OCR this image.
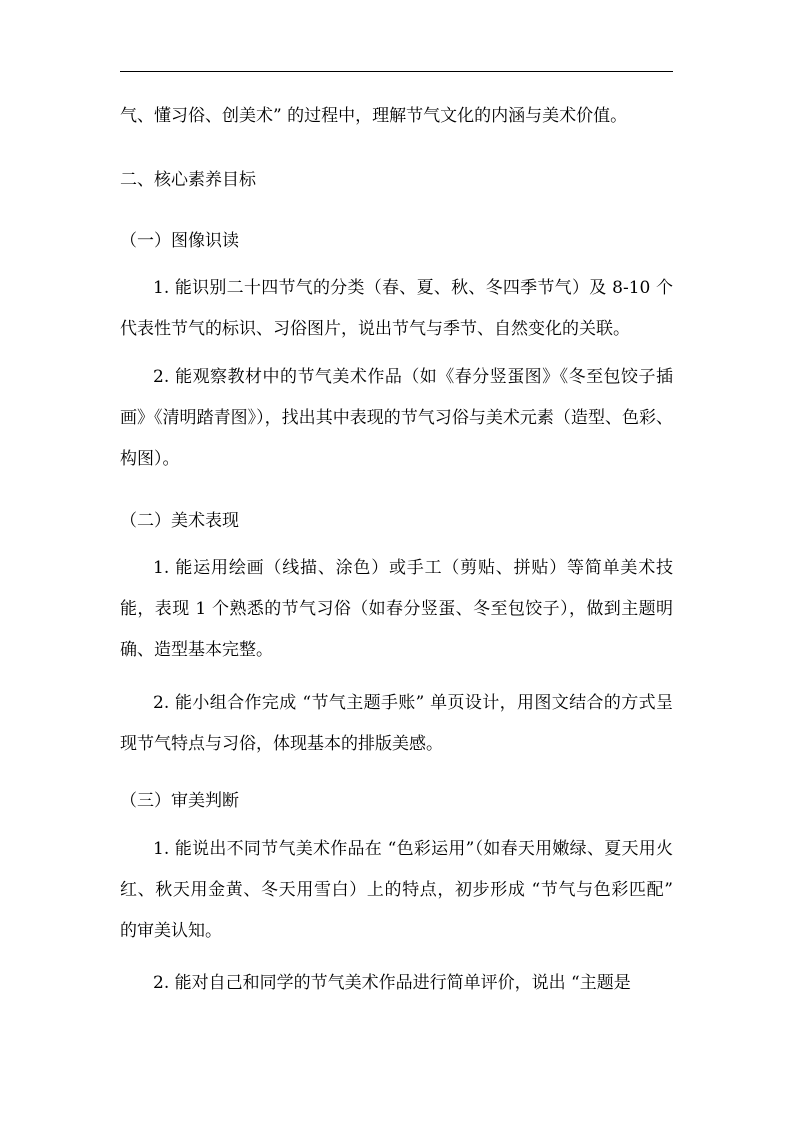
气、懂习俗、创美术” 的过程中，理解节气文化的内涵与美术价值。

二、核心素养目标

（一）图像识读

1. 能识别二十四节气的分类（春、夏、秋、冬四季节气）及 8-10 个代表性节气的标识、习俗图片，说出节气与季节、自然变化的关联。

2. 能观察教材中的节气美术作品（如《春分竖蛋图》《冬至包饺子插画》《清明踏青图》），找出其中表现的节气习俗与美术元素（造型、色彩、构图）。

（二）美术表现

1. 能运用绘画（线描、涂色）或手工（剪贴、拼贴）等简单美术技能，表现 1 个熟悉的节气习俗（如春分竖蛋、冬至包饺子），做到主题明确、造型基本完整。

2. 能小组合作完成 “节气主题手账” 单页设计，用图文结合的方式呈现节气特点与习俗，体现基本的排版美感。

（三）审美判断

1. 能说出不同节气美术作品在 “色彩运用”（如春天用嫩绿、夏天用火红、秋天用金黄、冬天用雪白）上的特点，初步形成 “节气与色彩匹配” 的审美认知。

2. 能对自己和同学的节气美术作品进行简单评价，说出 “主题是
